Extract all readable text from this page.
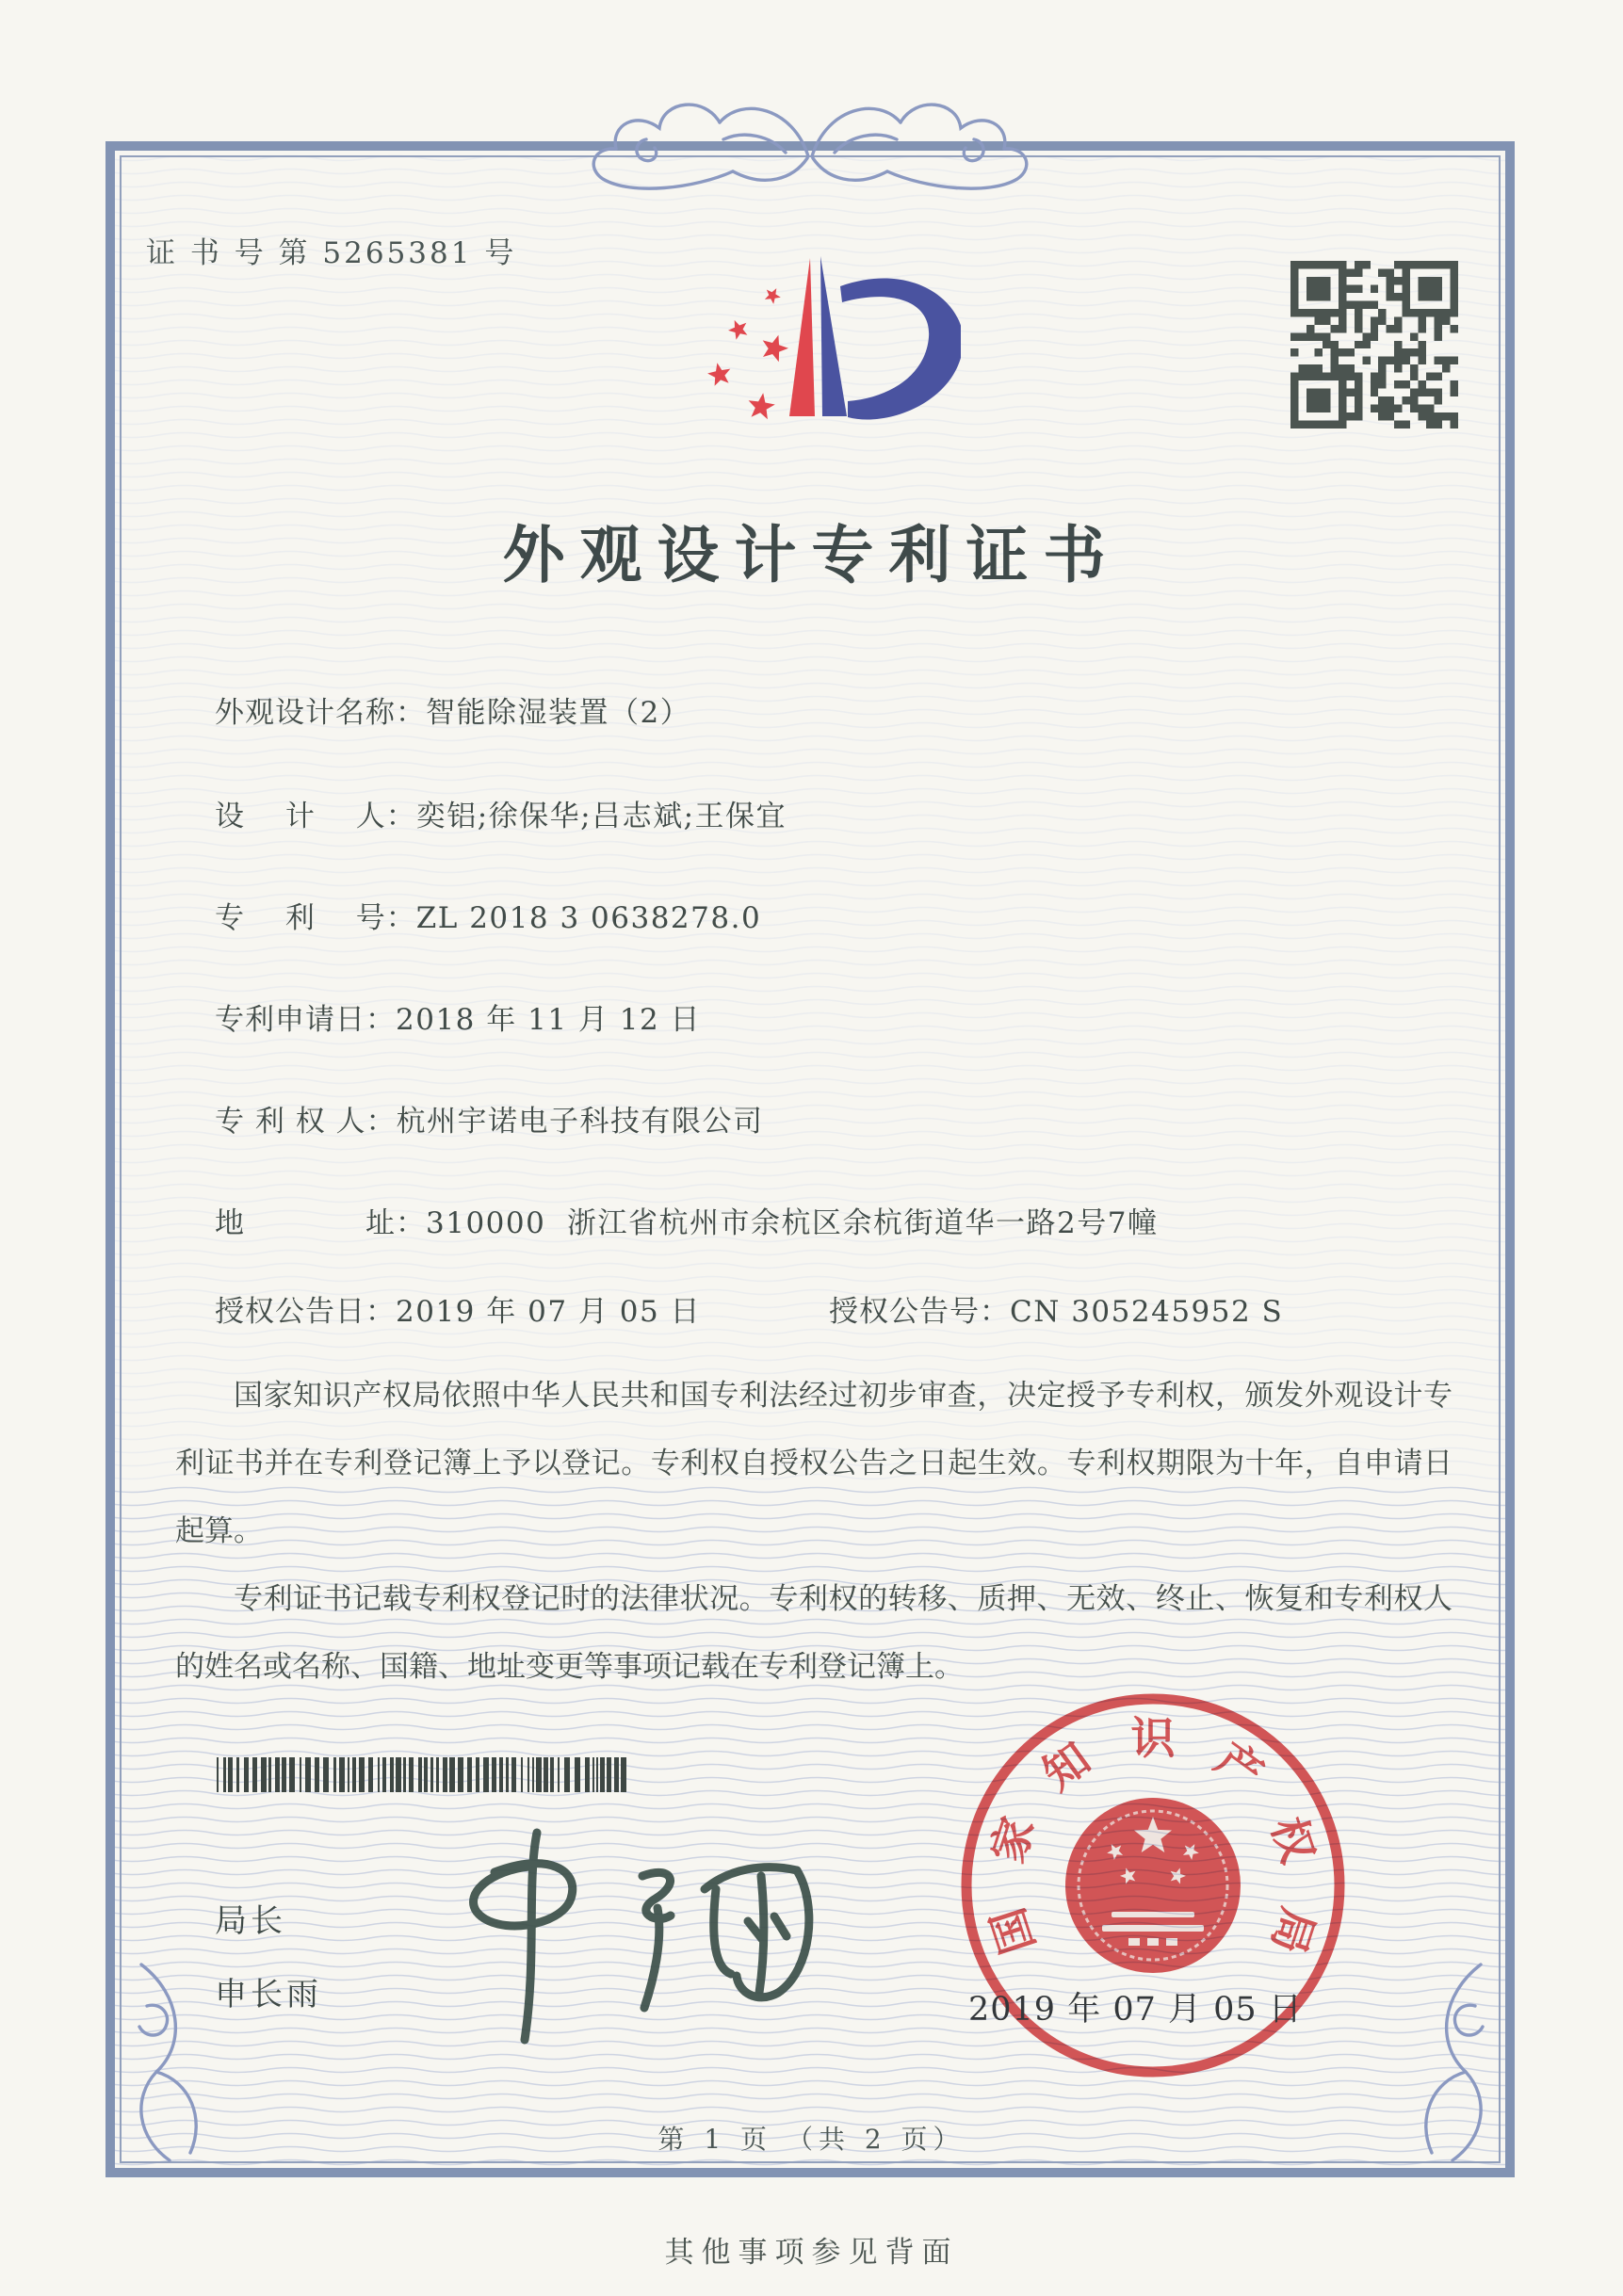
证 书 号 第 5265381 号
外观设计专利证书
外观设计名称：智能除湿装置（2）
设　 计 　人：奕铝;徐保华;吕志斌;王保宜
专　 利 　号：ZL 2018 3 0638278.0
专利申请日：2018 年 11 月 12 日
专 利 权 人：杭州宇诺电子科技有限公司
地　　　　址：310000  浙江省杭州市余杭区余杭街道华一路2号7幢
授权公告日：2019 年 07 月 05 日	授权公告号：CN 305245952 S

国家知识产权局依照中华人民共和国专利法经过初步审查，决定授予专利权，颁发外观设计专利证书并在专利登记簿上予以登记。专利权自授权公告之日起生效。专利权期限为十年，自申请日起算。

专利证书记载专利权登记时的法律状况。专利权的转移、质押、无效、终止、恢复和专利权人的姓名或名称、国籍、地址变更等事项记载在专利登记簿上。

局长
申长雨
国
家
知 识 产
权
局
2019 年 07 月 05 日
第 1 页 （共 2 页）
其他事项参见背面
